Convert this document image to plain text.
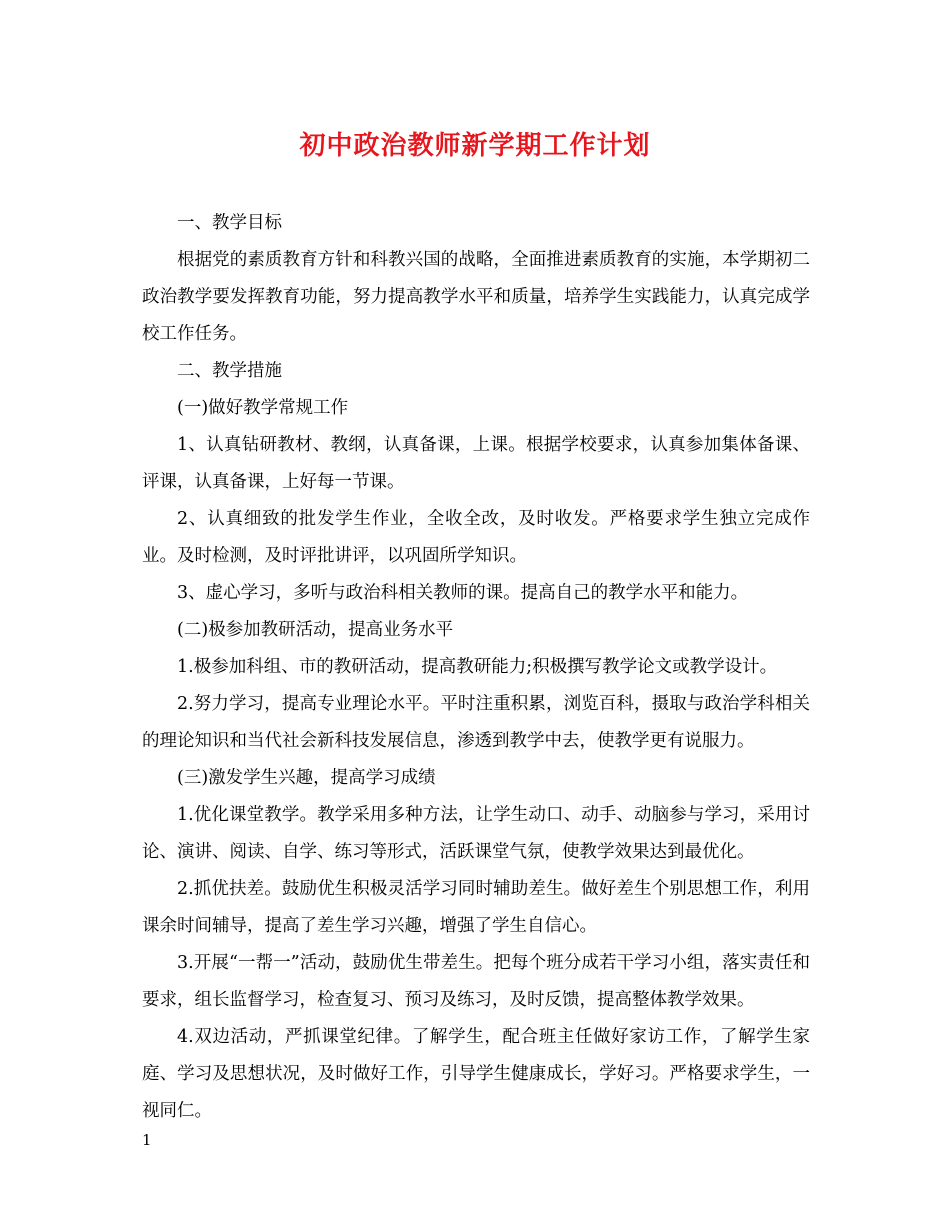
初中政治教师新学期工作计划

一、教学目标

根据党的素质教育方针和科教兴国的战略，全面推进素质教育的实施，本学期初二政治教学要发挥教育功能，努力提高教学水平和质量，培养学生实践能力，认真完成学校工作任务。

二、教学措施

(一)做好教学常规工作

1、认真钻研教材、教纲，认真备课，上课。根据学校要求，认真参加集体备课、评课，认真备课，上好每一节课。

2、认真细致的批发学生作业，全收全改，及时收发。严格要求学生独立完成作业。及时检测，及时评批讲评，以巩固所学知识。

3、虚心学习，多听与政治科相关教师的课。提高自己的教学水平和能力。

(二)极参加教研活动，提高业务水平

1.极参加科组、市的教研活动，提高教研能力;积极撰写教学论文或教学设计。

2.努力学习，提高专业理论水平。平时注重积累，浏览百科，摄取与政治学科相关的理论知识和当代社会新科技发展信息，渗透到教学中去，使教学更有说服力。

(三)激发学生兴趣，提高学习成绩

1.优化课堂教学。教学采用多种方法，让学生动口、动手、动脑参与学习，采用讨论、演讲、阅读、自学、练习等形式，活跃课堂气氛，使教学效果达到最优化。

2.抓优扶差。鼓励优生积极灵活学习同时辅助差生。做好差生个别思想工作，利用课余时间辅导，提高了差生学习兴趣，增强了学生自信心。

3.开展“一帮一”活动，鼓励优生带差生。把每个班分成若干学习小组，落实责任和要求，组长监督学习，检查复习、预习及练习，及时反馈，提高整体教学效果。

4.双边活动，严抓课堂纪律。了解学生，配合班主任做好家访工作，了解学生家庭、学习及思想状况，及时做好工作，引导学生健康成长，学好习。严格要求学生，一视同仁。

1
